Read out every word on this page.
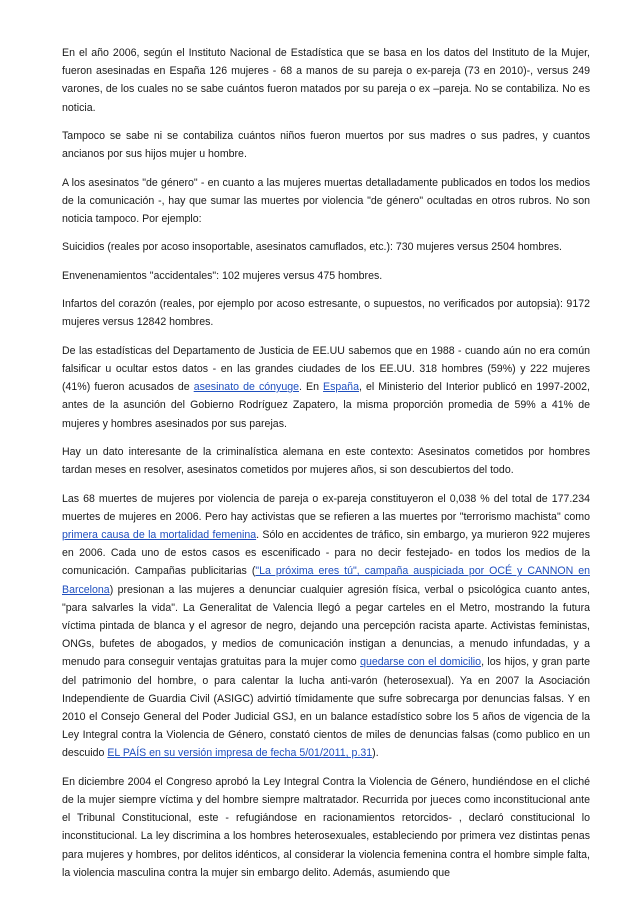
En el año 2006, según el Instituto Nacional de Estadística que se basa en los datos del Instituto de la Mujer, fueron asesinadas en España 126 mujeres - 68 a manos de su pareja o ex-pareja (73 en 2010)-, versus 249 varones, de los cuales no se sabe cuántos fueron matados por su pareja o ex –pareja. No se contabiliza. No es noticia.

Tampoco se sabe ni se contabiliza cuántos niños fueron muertos por sus madres o sus padres, y cuantos ancianos por sus hijos mujer u hombre.

A los asesinatos "de género" - en cuanto a las mujeres muertas detalladamente publicados en todos los medios de la comunicación -, hay que sumar las muertes por violencia "de género" ocultadas en otros rubros. No son noticia tampoco. Por ejemplo:

Suicidios (reales por acoso insoportable, asesinatos camuflados, etc.): 730 mujeres versus 2504 hombres.

Envenenamientos "accidentales": 102 mujeres versus 475 hombres.

Infartos del corazón (reales, por ejemplo por acoso estresante, o supuestos, no verificados por autopsia): 9172 mujeres versus 12842 hombres.

De las estadísticas del Departamento de Justicia de EE.UU sabemos que en 1988 - cuando aún no era común falsificar u ocultar estos datos - en las grandes ciudades de los EE.UU. 318 hombres (59%) y 222 mujeres (41%) fueron acusados de asesinato de cónyuge. En España, el Ministerio del Interior publicó en 1997-2002, antes de la asunción del Gobierno Rodríguez Zapatero, la misma proporción promedia de 59% a 41% de mujeres y hombres asesinados por sus parejas.

Hay un dato interesante de la criminalística alemana en este contexto: Asesinatos cometidos por hombres tardan meses en resolver, asesinatos cometidos por mujeres años, si son descubiertos del todo.

Las 68 muertes de mujeres por violencia de pareja o ex-pareja constituyeron el 0,038 % del total de 177.234 muertes de mujeres en 2006. Pero hay activistas que se refieren a las muertes por "terrorismo machista" como primera causa de la mortalidad femenina. Sólo en accidentes de tráfico, sin embargo, ya murieron 922 mujeres en 2006. Cada uno de estos casos es escenificado - para no decir festejado- en todos los medios de la comunicación. Campañas publicitarias ("La próxima eres tú", campaña auspiciada por OCÉ y CANNON en Barcelona) presionan a las mujeres a denunciar cualquier agresión física, verbal o psicológica cuanto antes, "para salvarles la vida". La Generalitat de Valencia llegó a pegar carteles en el Metro, mostrando la futura víctima pintada de blanca y el agresor de negro, dejando una percepción racista aparte. Activistas feministas, ONGs, bufetes de abogados, y medios de comunicación instigan a denuncias, a menudo infundadas, y a menudo para conseguir ventajas gratuitas para la mujer como quedarse con el domicilio, los hijos, y gran parte del patrimonio del hombre, o para calentar la lucha anti-varón (heterosexual). Ya en 2007 la Asociación Independiente de Guardia Civil (ASIGC) advirtió tímidamente que sufre sobrecarga por denuncias falsas. Y en 2010 el Consejo General del Poder Judicial GSJ, en un balance estadístico sobre los 5 años de vigencia de la Ley Integral contra la Violencia de Género, constató cientos de miles de denuncias falsas (como publico en un descuido EL PAÍS en su versión impresa de fecha 5/01/2011, p.31).

En diciembre 2004 el Congreso aprobó la Ley Integral Contra la Violencia de Género, hundiéndose en el cliché de la mujer siempre víctima y del hombre siempre maltratador. Recurrida por jueces como inconstitucional ante el Tribunal Constitucional, este - refugiándose en racionamientos retorcidos- , declaró constitucional lo inconstitucional. La ley discrimina a los hombres heterosexuales, estableciendo por primera vez distintas penas para mujeres y hombres, por delitos idénticos, al considerar la violencia femenina contra el hombre simple falta, la violencia masculina contra la mujer sin embargo delito. Además, asumiendo que
